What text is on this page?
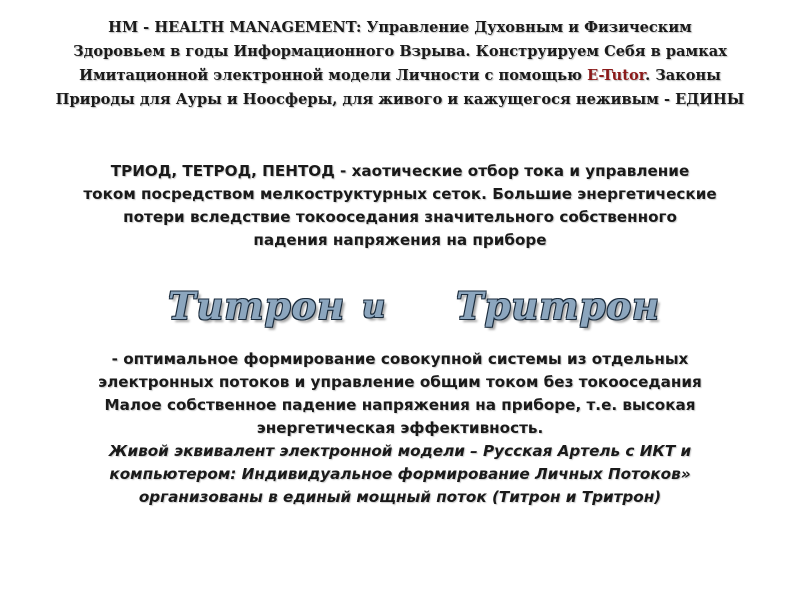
НМ - HEALTH MANAGEMENT: Управление Духовным и Физическим
Здоровьем в годы Информационного Взрыва. Конструируем Себя в рамках
Имитационной электронной модели Личности с помощью E-Tutor. Законы
Природы для Ауры и Ноосферы, для живого и кажущегося неживым - ЕДИНЫ
ТРИОД, ТЕТРОД, ПЕНТОД - хаотические отбор тока и управление
током посредством мелкоструктурных сеток. Большие энергетические
потери вследствие токооседания значительного собственного
падения напряжения на приборе
Титрон и Тритрон
- оптимальное формирование совокупной системы из отдельных
электронных потоков и управление общим током без токооседания
Малое собственное падение напряжения на приборе, т.е. высокая
энергетическая эффективность.
Живой эквивалент электронной модели – Русская Артель с ИКТ и
компьютером: Индивидуальное формирование Личных Потоков»
организованы в единый мощный поток (Титрон и Тритрон)
